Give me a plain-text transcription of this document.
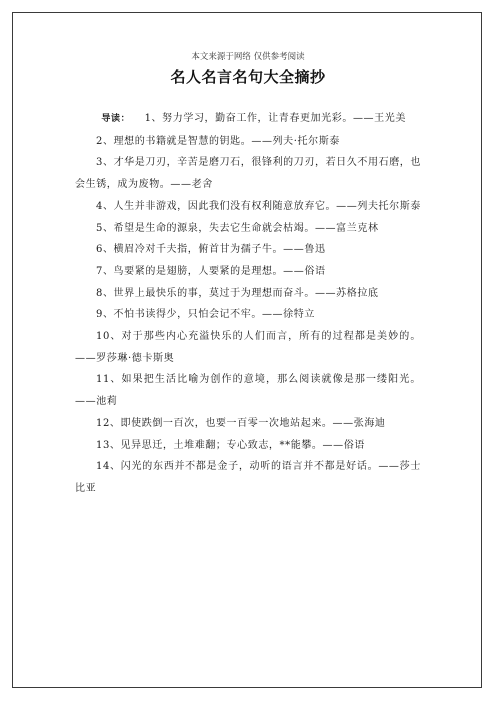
本文来源于网络 仅供参考阅读
名人名言名句大全摘抄

导读： 1、努力学习，勤奋工作，让青春更加光彩。——王光美

2、理想的书籍就是智慧的钥匙。——列夫·托尔斯泰

3、才华是刀刃，辛苦是磨刀石，很锋利的刀刃，若日久不用石磨，也会生锈，成为废物。——老舍

4、人生并非游戏，因此我们没有权利随意放弃它。——列夫托尔斯泰

5、希望是生命的源泉，失去它生命就会枯竭。——富兰克林

6、横眉冷对千夫指，俯首甘为孺子牛。——鲁迅

7、鸟要紧的是翅膀，人要紧的是理想。——俗语

8、世界上最快乐的事，莫过于为理想而奋斗。——苏格拉底

9、不怕书读得少，只怕会记不牢。——徐特立

10、对于那些内心充溢快乐的人们而言，所有的过程都是美妙的。——罗莎琳·德卡斯奥

11、如果把生活比喻为创作的意境，那么阅读就像是那一缕阳光。——池莉

12、即使跌倒一百次，也要一百零一次地站起来。——张海迪

13、见异思迁，土堆难翻；专心致志，**能攀。——俗语

14、闪光的东西并不都是金子，动听的语言并不都是好话。——莎士比亚
